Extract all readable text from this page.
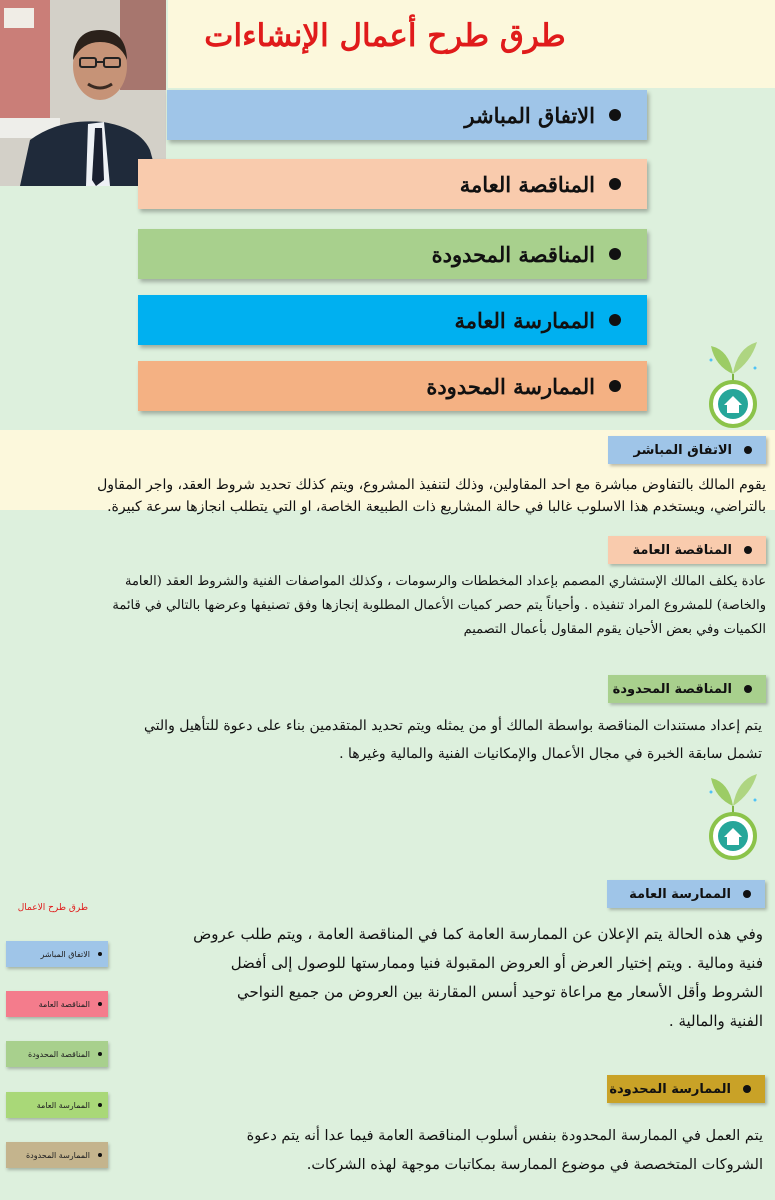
طرق طرح أعمال الإنشاءات
الاتفاق المباشر
المناقصة العامة
المناقصة المحدودة
الممارسة العامة
الممارسة المحدودة
الاتفاق المباشر
يقوم المالك بالتفاوض مباشرة مع احد المقاولين، وذلك لتنفيذ المشروع، ويتم كذلك تحديد شروط العقد، واجر المقاول
بالتراضي، ويستخدم هذا الاسلوب غالبا في حالة المشاريع ذات الطبيعة الخاصة، او التي يتطلب انجازها سرعة كبيرة.
المناقصة العامة
عادة يكلف المالك الإستشاري المصمم بإعداد المخططات والرسومات ، وكذلك المواصفات الفنية والشروط العقد (العامة
والخاصة) للمشروع المراد تنفيذه . وأحياناً يتم حصر كميات الأعمال المطلوبة إنجازها وفق تصنيفها وعرضها بالتالي في قائمة
الكميات وفي بعض الأحيان يقوم المقاول بأعمال التصميم
المناقصة المحدودة
يتم إعداد مستندات المناقصة بواسطة المالك أو من يمثله ويتم تحديد المتقدمين بناء على دعوة للتأهيل والتي
تشمل سابقة الخبرة في مجال الأعمال والإمكانيات الفنية والمالية وغيرها .
طرق طرح الاعمال
الاتفاق المباشر
المناقصة العامة
المناقصة المحدودة
الممارسة العامة
الممارسة المحدودة
الممارسة العامة
وفي هذه الحالة يتم الإعلان عن الممارسة العامة كما في المناقصة العامة ، ويتم طلب عروض
فنية ومالية . ويتم إختيار العرض أو العروض المقبولة فنيا وممارستها للوصول إلى أفضل
الشروط وأقل الأسعار مع مراعاة توحيد أسس المقارنة بين العروض من جميع النواحي
الفنية والمالية .
الممارسة المحدودة
يتم العمل في الممارسة المحدودة بنفس أسلوب المناقصة العامة فيما عدا أنه يتم دعوة
الشروكات المتخصصة في موضوع الممارسة بمكاتبات موجهة لهذه الشركات.
